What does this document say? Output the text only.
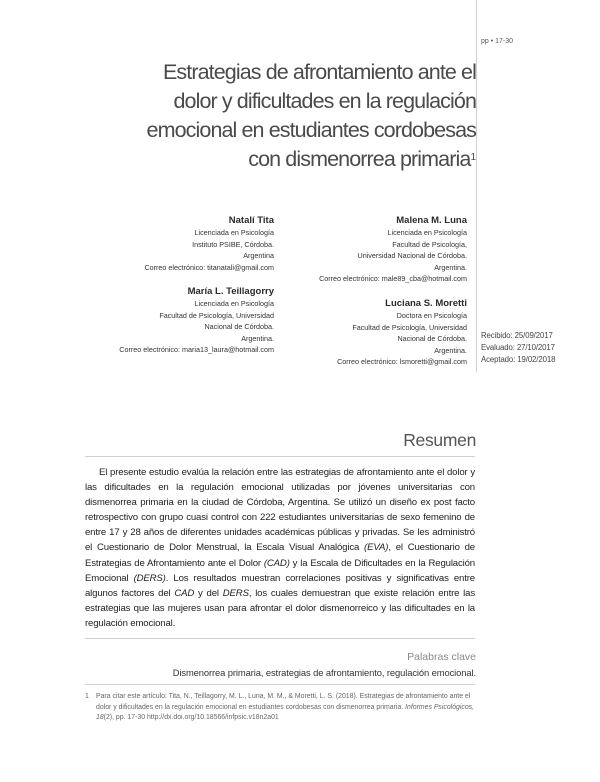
pp • 17-30
Estrategias de afrontamiento ante el dolor y dificultades en la regulación emocional en estudiantes cordobesas con dismenorrea primaria$^1$
Natalí Tita
Licenciada en Psicología
Instituto PSIBE, Córdoba.
Argentina
Correo electrónico: titanatali@gmail.com
Malena M. Luna
Licenciada en Psicología
Facultad de Psicología,
Universidad Nacional de Córdoba.
Argentina.
Correo electrónico: male89_cba@hotmail.com
María L. Teillagorry
Licenciada en Psicología
Facultad de Psicología, Universidad
Nacional de Córdoba.
Argentina.
Correo electrónico: maria13_laura@hotmail.com
Luciana S. Moretti
Doctora en Psicología
Facultad de Psicología, Universidad
Nacional de Córdoba.
Argentina.
Correo electrónico: lsmoretti@gmail.com
Recibido: 25/09/2017
Evaluado: 27/10/2017
Aceptado: 19/02/2018
Resumen

El presente estudio evalúa la relación entre las estrategias de afrontamiento ante el dolor y las dificultades en la regulación emocional utilizadas por jóvenes universitarias con dismenorrea primaria en la ciudad de Córdoba, Argentina. Se utilizó un diseño ex post facto retrospectivo con grupo cuasi control con 222 estudiantes universitarias de sexo femenino de entre 17 y 28 años de diferentes unidades académicas públicas y privadas. Se les administró el Cuestionario de Dolor Menstrual, la Escala Visual Analógica (EVA), el Cuestionario de Estrategias de Afrontamiento ante el Dolor (CAD) y la Escala de Dificultades en la Regulación Emocional (DERS). Los resultados muestran correlaciones positivas y significativas entre algunos factores del CAD y del DERS, los cuales demuestran que existe relación entre las estrategias que las mujeres usan para afrontar el dolor dismenorreico y las dificultades en la regulación emocional.

Palabras clave
Dismenorrea primaria, estrategias de afrontamiento, regulación emocional.
1 Para citar este artículo: Tita, N., Teillagorry, M. L., Luna, M. M., & Moretti, L. S. (2018). Estrategias de afrontamiento ante el dolor y dificultades en la regulación emocional en estudiantes cordobesas con dismenorrea primaria. Informes Psicológicos, 18(2), pp. 17-30 http://dx.doi.org/10.18566/infpsic.v18n2a01
